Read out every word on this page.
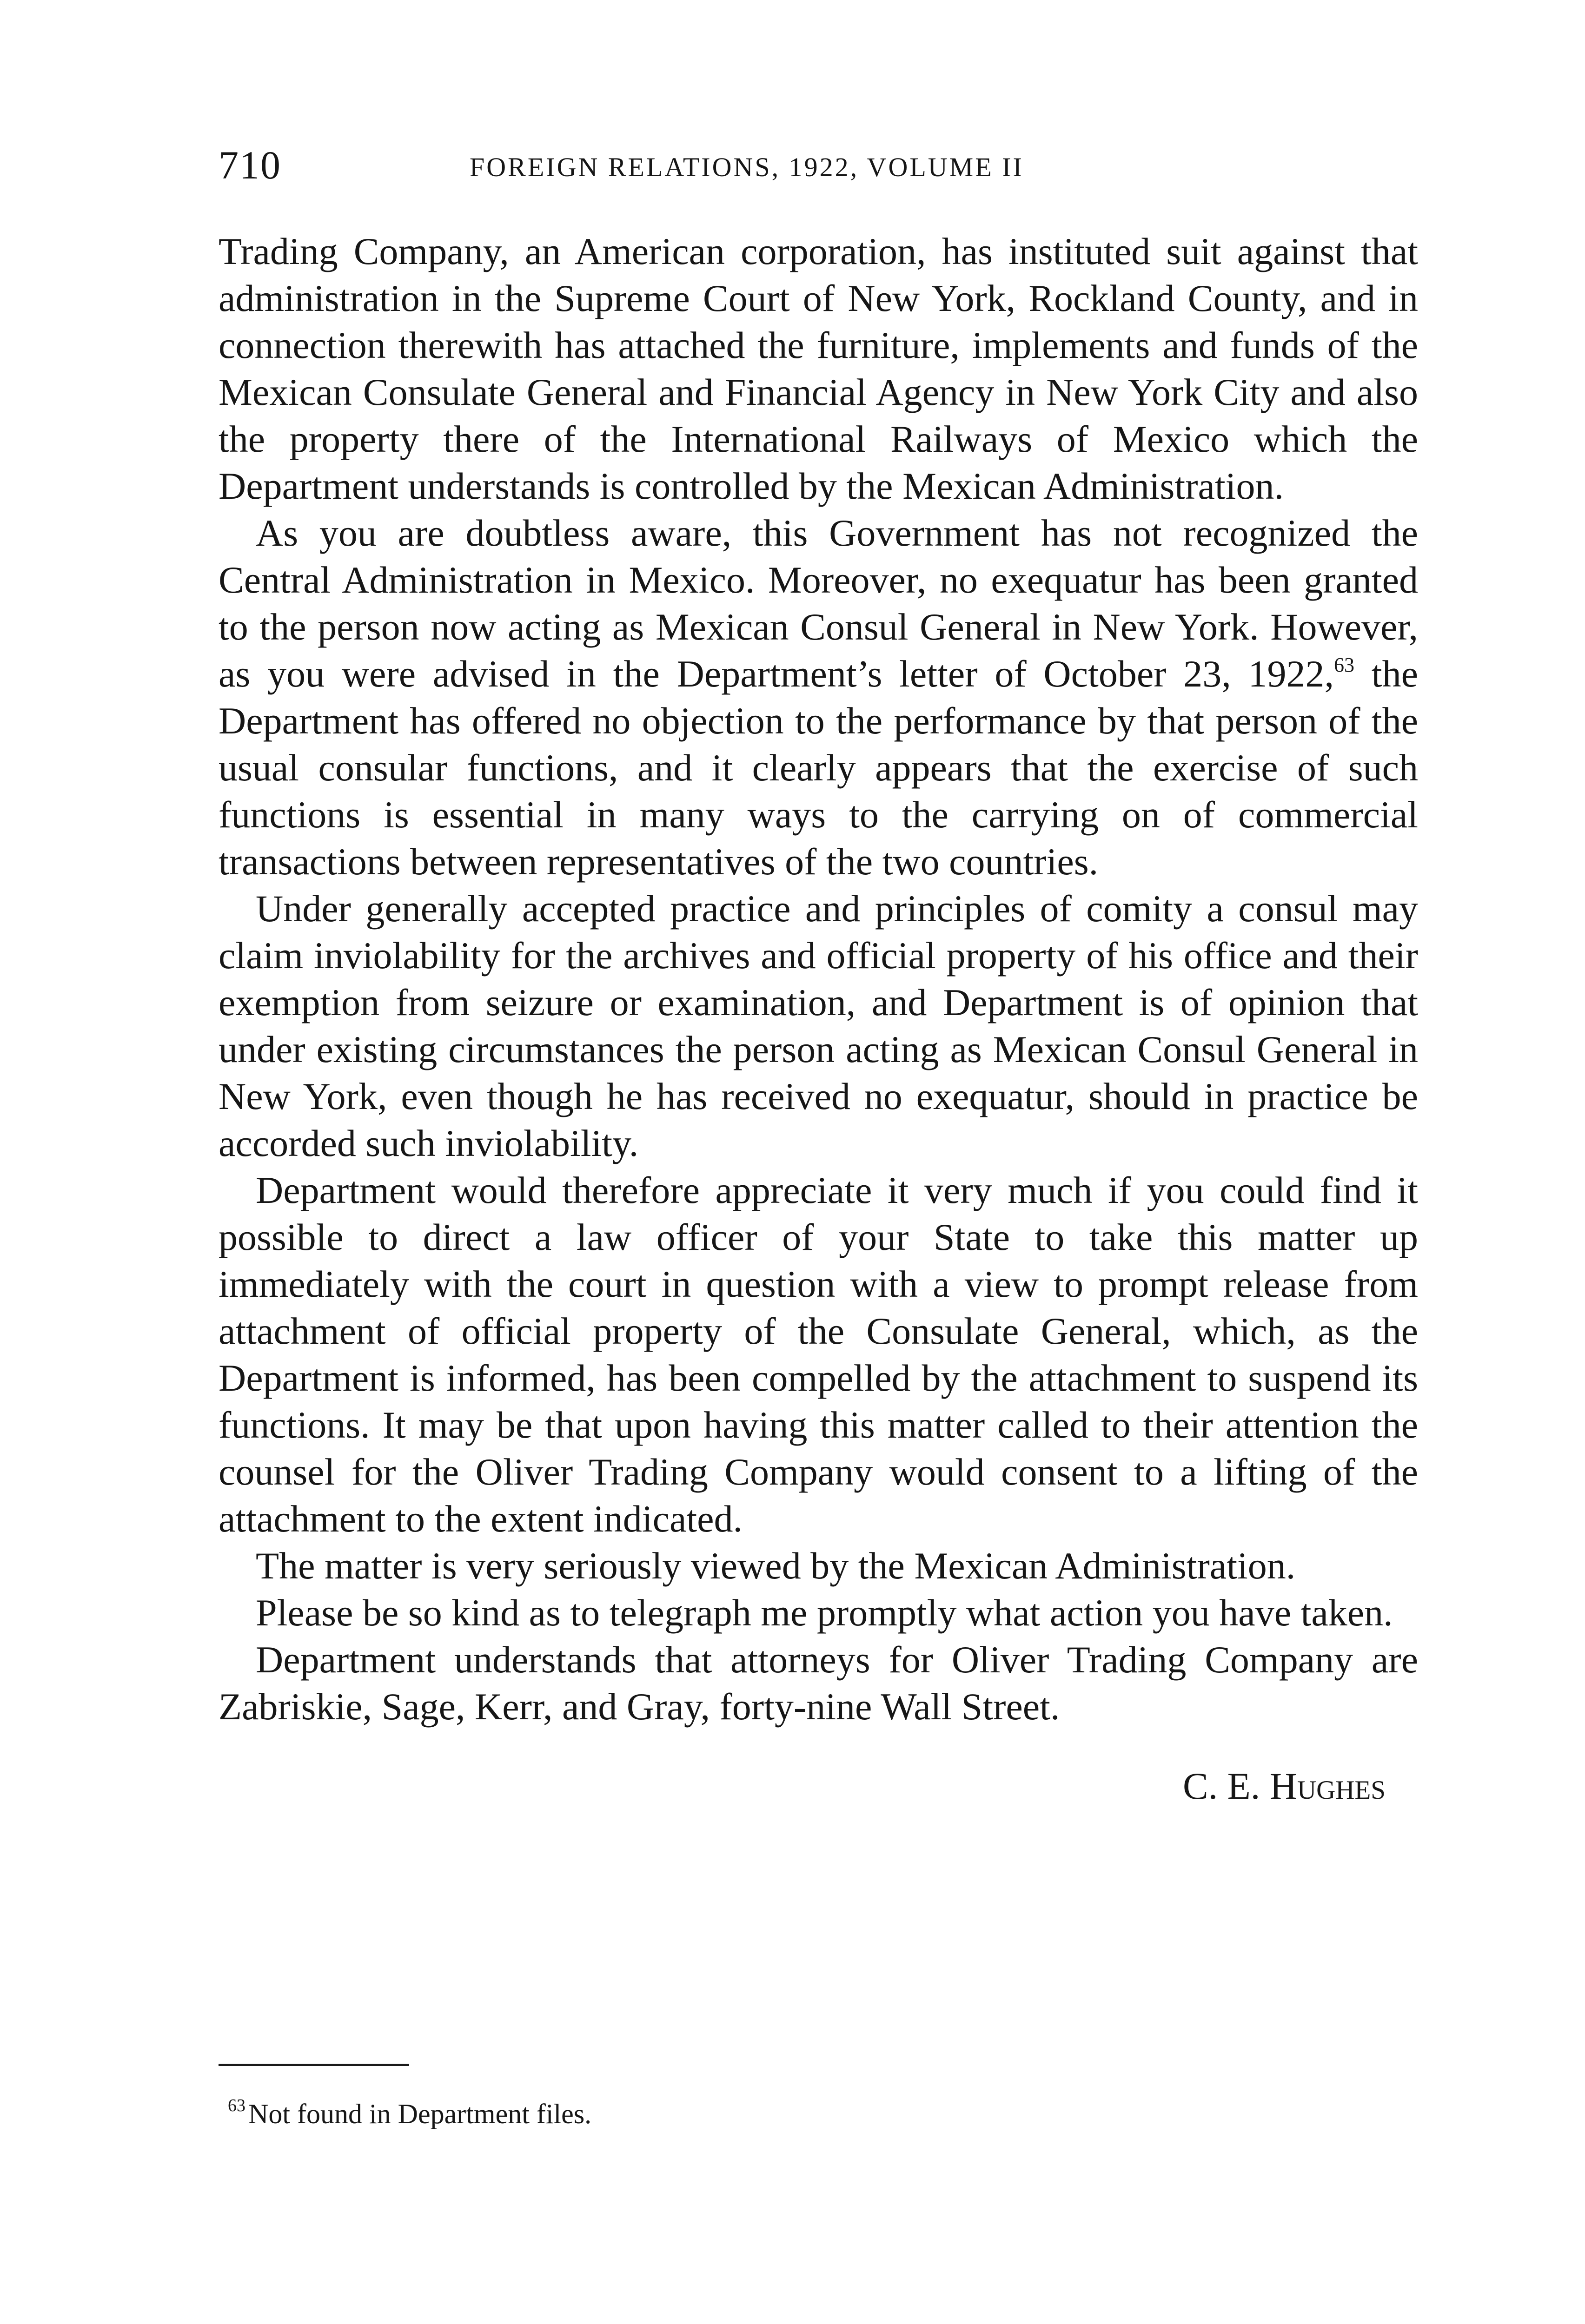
710	FOREIGN RELATIONS, 1922, VOLUME II

Trading Company, an American corporation, has instituted suit against that administration in the Supreme Court of New York, Rockland County, and in connection therewith has attached the furniture, implements and funds of the Mexican Consulate General and Financial Agency in New York City and also the property there of the International Railways of Mexico which the Department understands is controlled by the Mexican Administration.

As you are doubtless aware, this Government has not recognized the Central Administration in Mexico. Moreover, no exequatur has been granted to the person now acting as Mexican Consul General in New York. However, as you were advised in the Department’s letter of October 23, 1922,63 the Department has offered no objection to the performance by that person of the usual consular functions, and it clearly appears that the exercise of such functions is essential in many ways to the carrying on of commercial transactions between representatives of the two countries.

Under generally accepted practice and principles of comity a consul may claim inviolability for the archives and official property of his office and their exemption from seizure or examination, and Department is of opinion that under existing circumstances the person acting as Mexican Consul General in New York, even though he has received no exequatur, should in practice be accorded such inviolability.

Department would therefore appreciate it very much if you could find it possible to direct a law officer of your State to take this matter up immediately with the court in question with a view to prompt release from attachment of official property of the Consulate General, which, as the Department is informed, has been compelled by the attachment to suspend its functions. It may be that upon having this matter called to their attention the counsel for the Oliver Trading Company would consent to a lifting of the attachment to the extent indicated.

The matter is very seriously viewed by the Mexican Administration.

Please be so kind as to telegraph me promptly what action you have taken.

Department understands that attorneys for Oliver Trading Company are Zabriskie, Sage, Kerr, and Gray, forty-nine Wall Street.

C. E. Hughes

$^{63}$ Not found in Department files.
